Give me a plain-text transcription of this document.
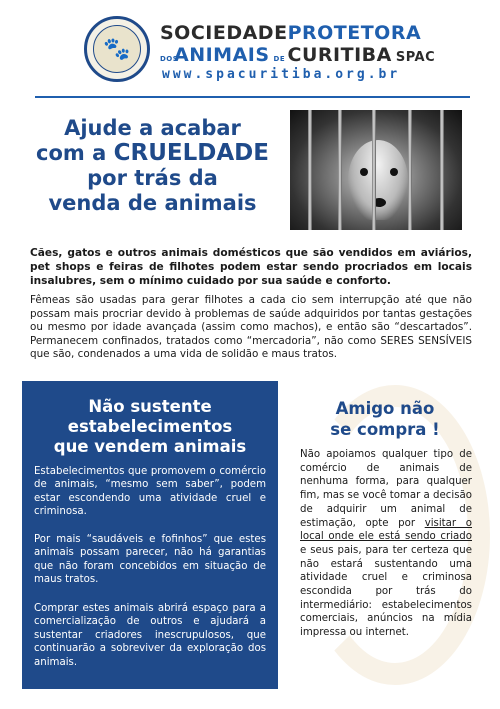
🐾
SOCIEDADEPROTETORA
DOS
ANIMAIS DE CURITIBA SPAC
www.spacuritiba.org.br
Ajude a acabar
com a CRUELDADE
por trás da
venda de animais

Cães, gatos e outros animais domésticos que são vendidos em aviários, pet shops e feiras de filhotes podem estar sendo procriados em locais insalubres, sem o mínimo cuidado por sua saúde e conforto.

Fêmeas são usadas para gerar filhotes a cada cio sem interrupção até que não possam mais procriar devido à problemas de saúde adquiridos por tantas gestações ou mesmo por idade avançada (assim como machos), e então são “descartados”. Permanecem confinados, tratados como “mercadoria”, não como SERES SENSÍVEIS que são, condenados a uma vida de solidão e maus tratos.

Não sustente
estabelecimentos
que vendem animais

Estabelecimentos que promovem o comércio de animais, “mesmo sem saber”, podem estar escondendo uma atividade cruel e criminosa.

Por mais “saudáveis e fofinhos” que estes animais possam parecer, não há garantias que não foram concebidos em situação de maus tratos.

Comprar estes animais abrirá espaço para a comercialização de outros e ajudará a sustentar criadores inescrupulosos, que continuarão a sobreviver da exploração dos animais.

Amigo não
se compra !

Não apoiamos qualquer tipo de comércio de animais de nenhuma forma, para qualquer fim, mas se você tomar a decisão de adquirir um animal de estimação, opte por visitar o local onde ele está sendo criado e seus pais, para ter certeza que não estará sustentando uma atividade cruel e criminosa escondida por trás do intermediário: estabelecimentos comerciais, anúncios na mídia impressa ou internet.
